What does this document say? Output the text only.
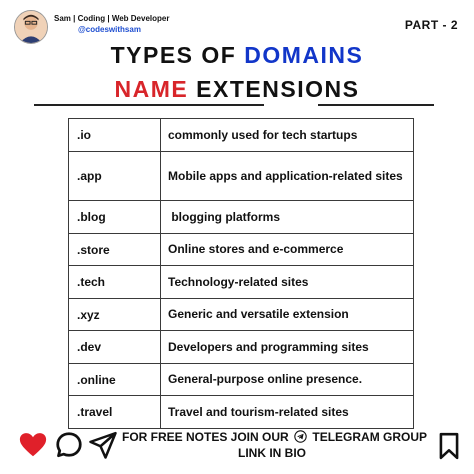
Sam | Coding | Web Developer
@codeswithsam	PART - 2
TYPES OF DOMAINS
NAME EXTENSIONS
.io	commonly used for tech startups
.app	Mobile apps and application-related sites
.blog	blogging platforms
.store	Online stores and e-commerce
.tech	Technology-related sites
.xyz	Generic and versatile extension
.dev	Developers and programming sites
.online	General-purpose online presence.
.travel	Travel and tourism-related sites
FOR FREE NOTES JOIN OUR TELEGRAM GROUP
LINK IN BIO
